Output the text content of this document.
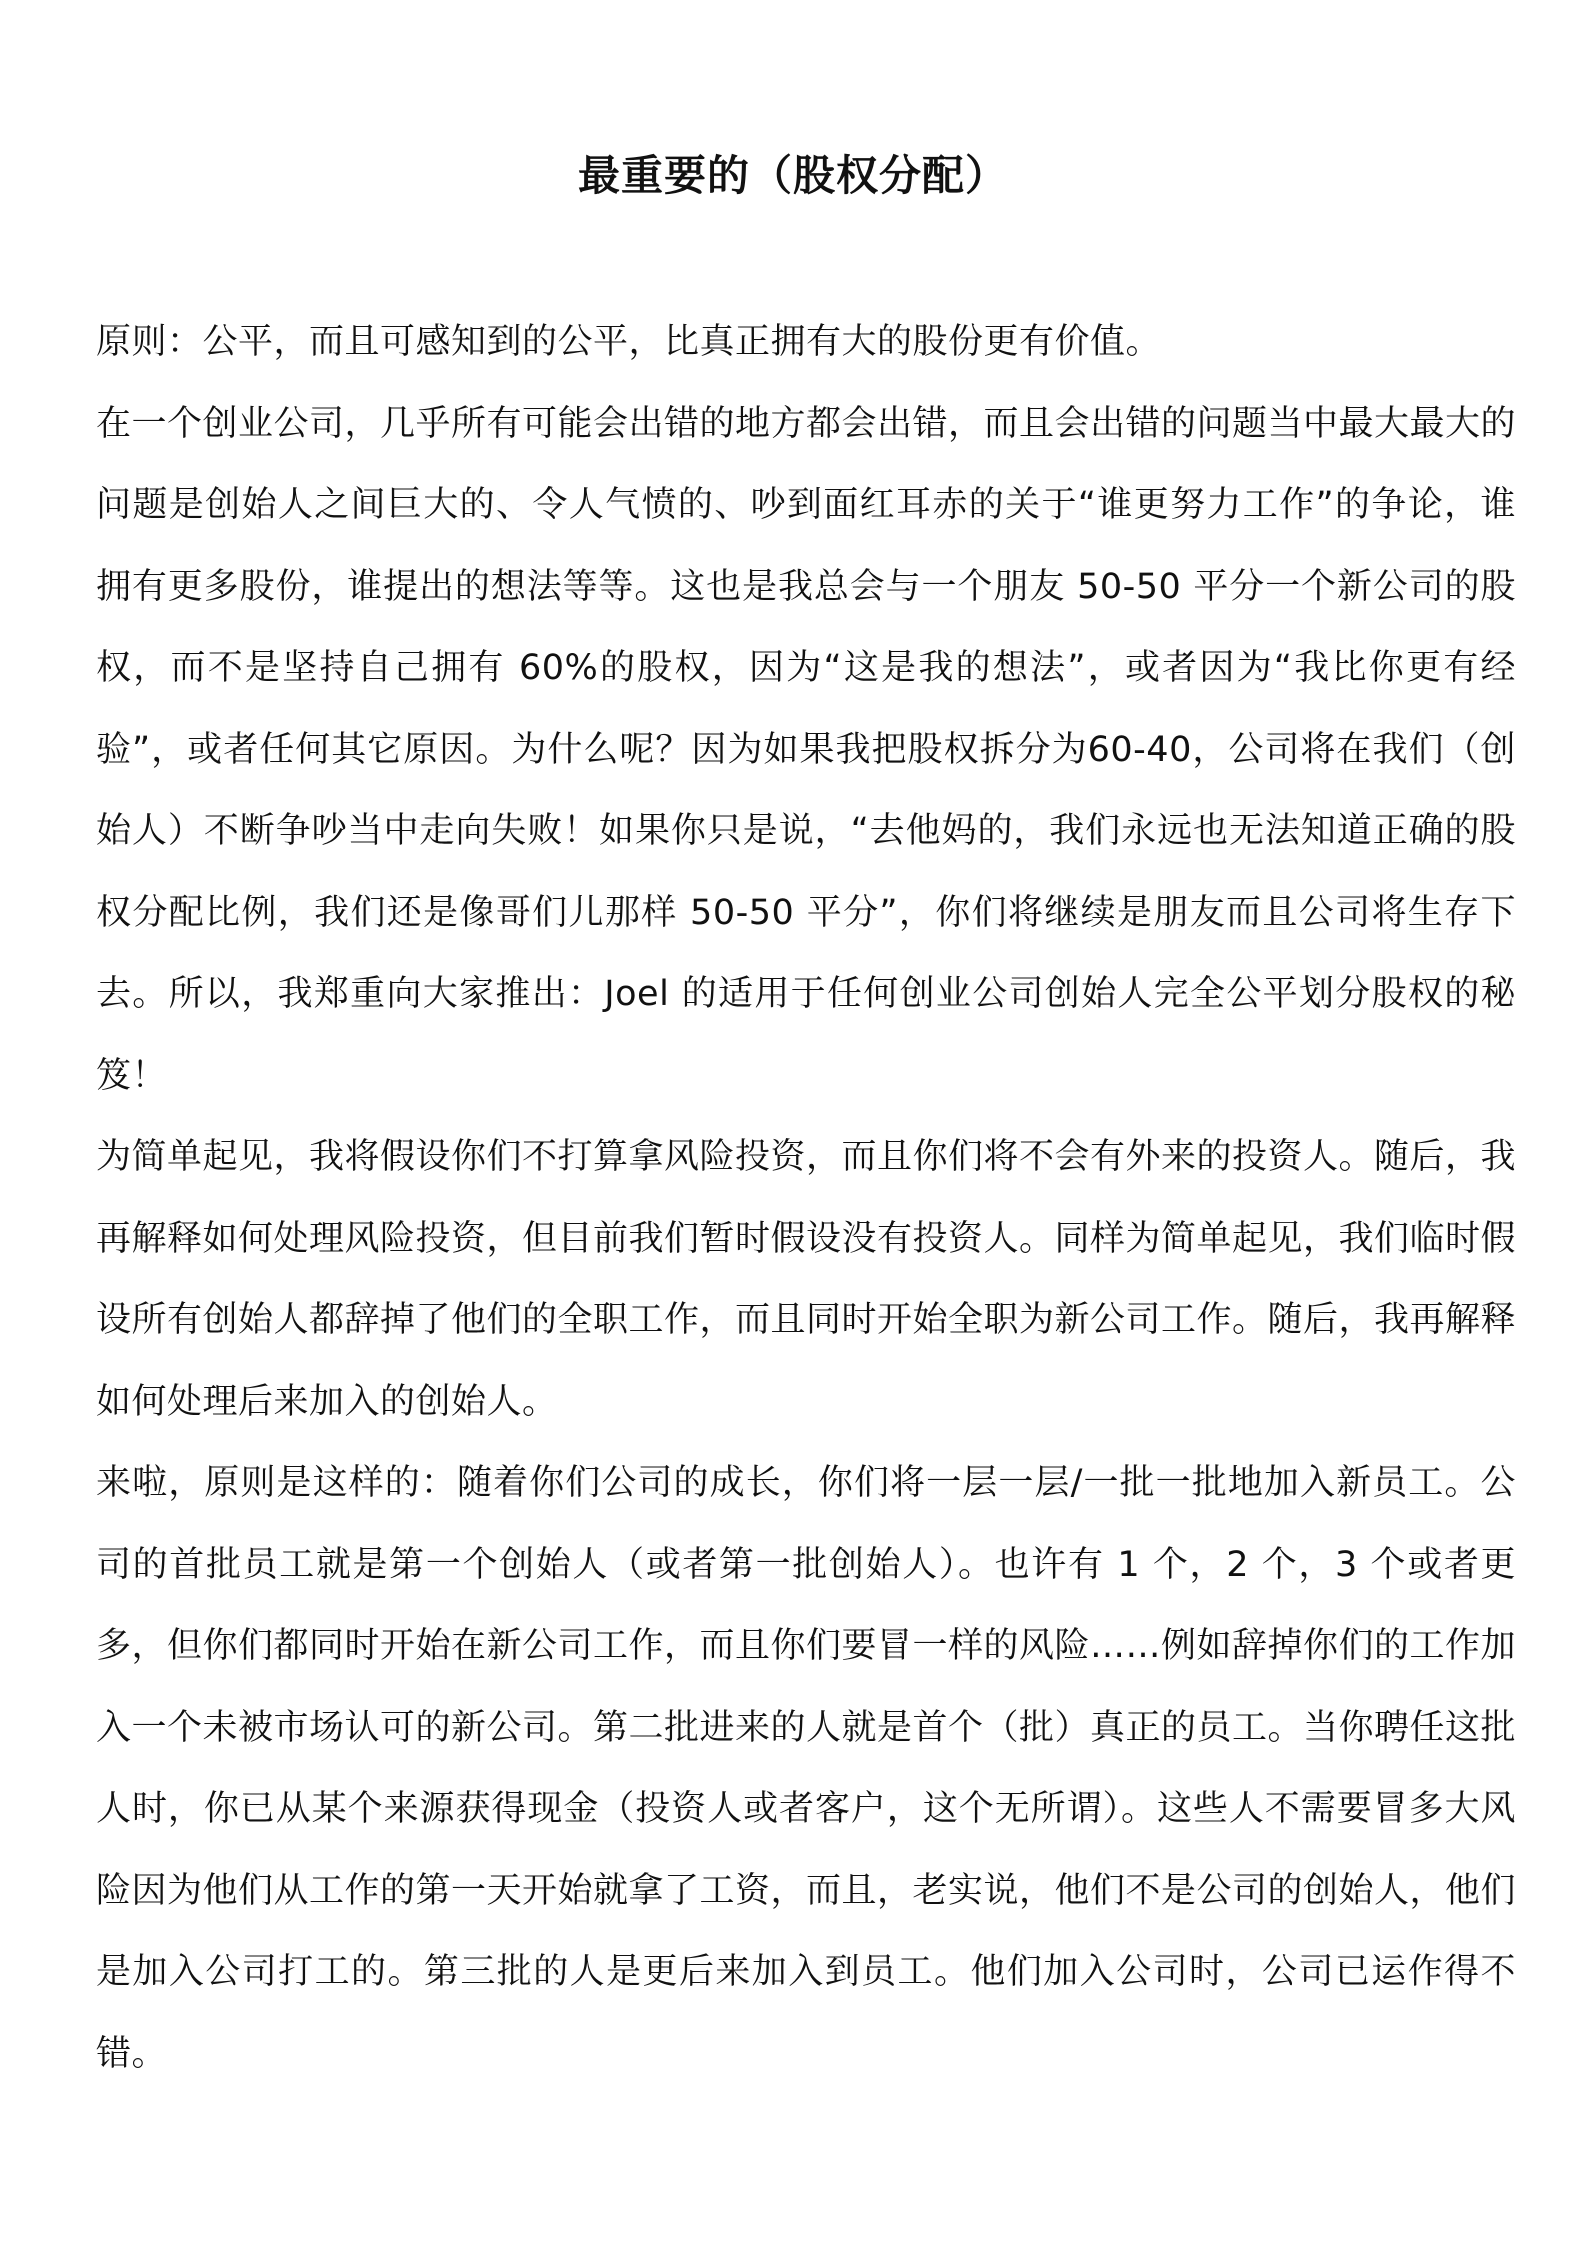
最重要的（股权分配）

原则：公平，而且可感知到的公平，比真正拥有大的股份更有价值。

在一个创业公司，几乎所有可能会出错的地方都会出错，而且会出错的问题当中最大最大的问题是创始人之间巨大的、令人气愤的、吵到面红耳赤的关于“谁更努力工作”的争论，谁拥有更多股份，谁提出的想法等等。这也是我总会与一个朋友 50-50 平分一个新公司的股权，而不是坚持自己拥有 60%的股权，因为“这是我的想法”，或者因为“我比你更有经验”，或者任何其它原因。为什么呢？因为如果我把股权拆分为60-40，公司将在我们（创始人）不断争吵当中走向失败！如果你只是说，“去他妈的，我们永远也无法知道正确的股权分配比例，我们还是像哥们儿那样 50-50 平分”，你们将继续是朋友而且公司将生存下去。所以，我郑重向大家推出：Joel 的适用于任何创业公司创始人完全公平划分股权的秘笈！

为简单起见，我将假设你们不打算拿风险投资，而且你们将不会有外来的投资人。随后，我再解释如何处理风险投资，但目前我们暂时假设没有投资人。同样为简单起见，我们临时假设所有创始人都辞掉了他们的全职工作，而且同时开始全职为新公司工作。随后，我再解释如何处理后来加入的创始人。

来啦，原则是这样的：随着你们公司的成长，你们将一层一层/一批一批地加入新员工。公司的首批员工就是第一个创始人（或者第一批创始人）。也许有 1 个，2 个，3 个或者更多，但你们都同时开始在新公司工作，而且你们要冒一样的风险……例如辞掉你们的工作加入一个未被市场认可的新公司。第二批进来的人就是首个（批）真正的员工。当你聘任这批人时，你已从某个来源获得现金（投资人或者客户，这个无所谓）。这些人不需要冒多大风险因为他们从工作的第一天开始就拿了工资，而且，老实说，他们不是公司的创始人，他们是加入公司打工的。第三批的人是更后来加入到员工。他们加入公司时，公司已运作得不错。
